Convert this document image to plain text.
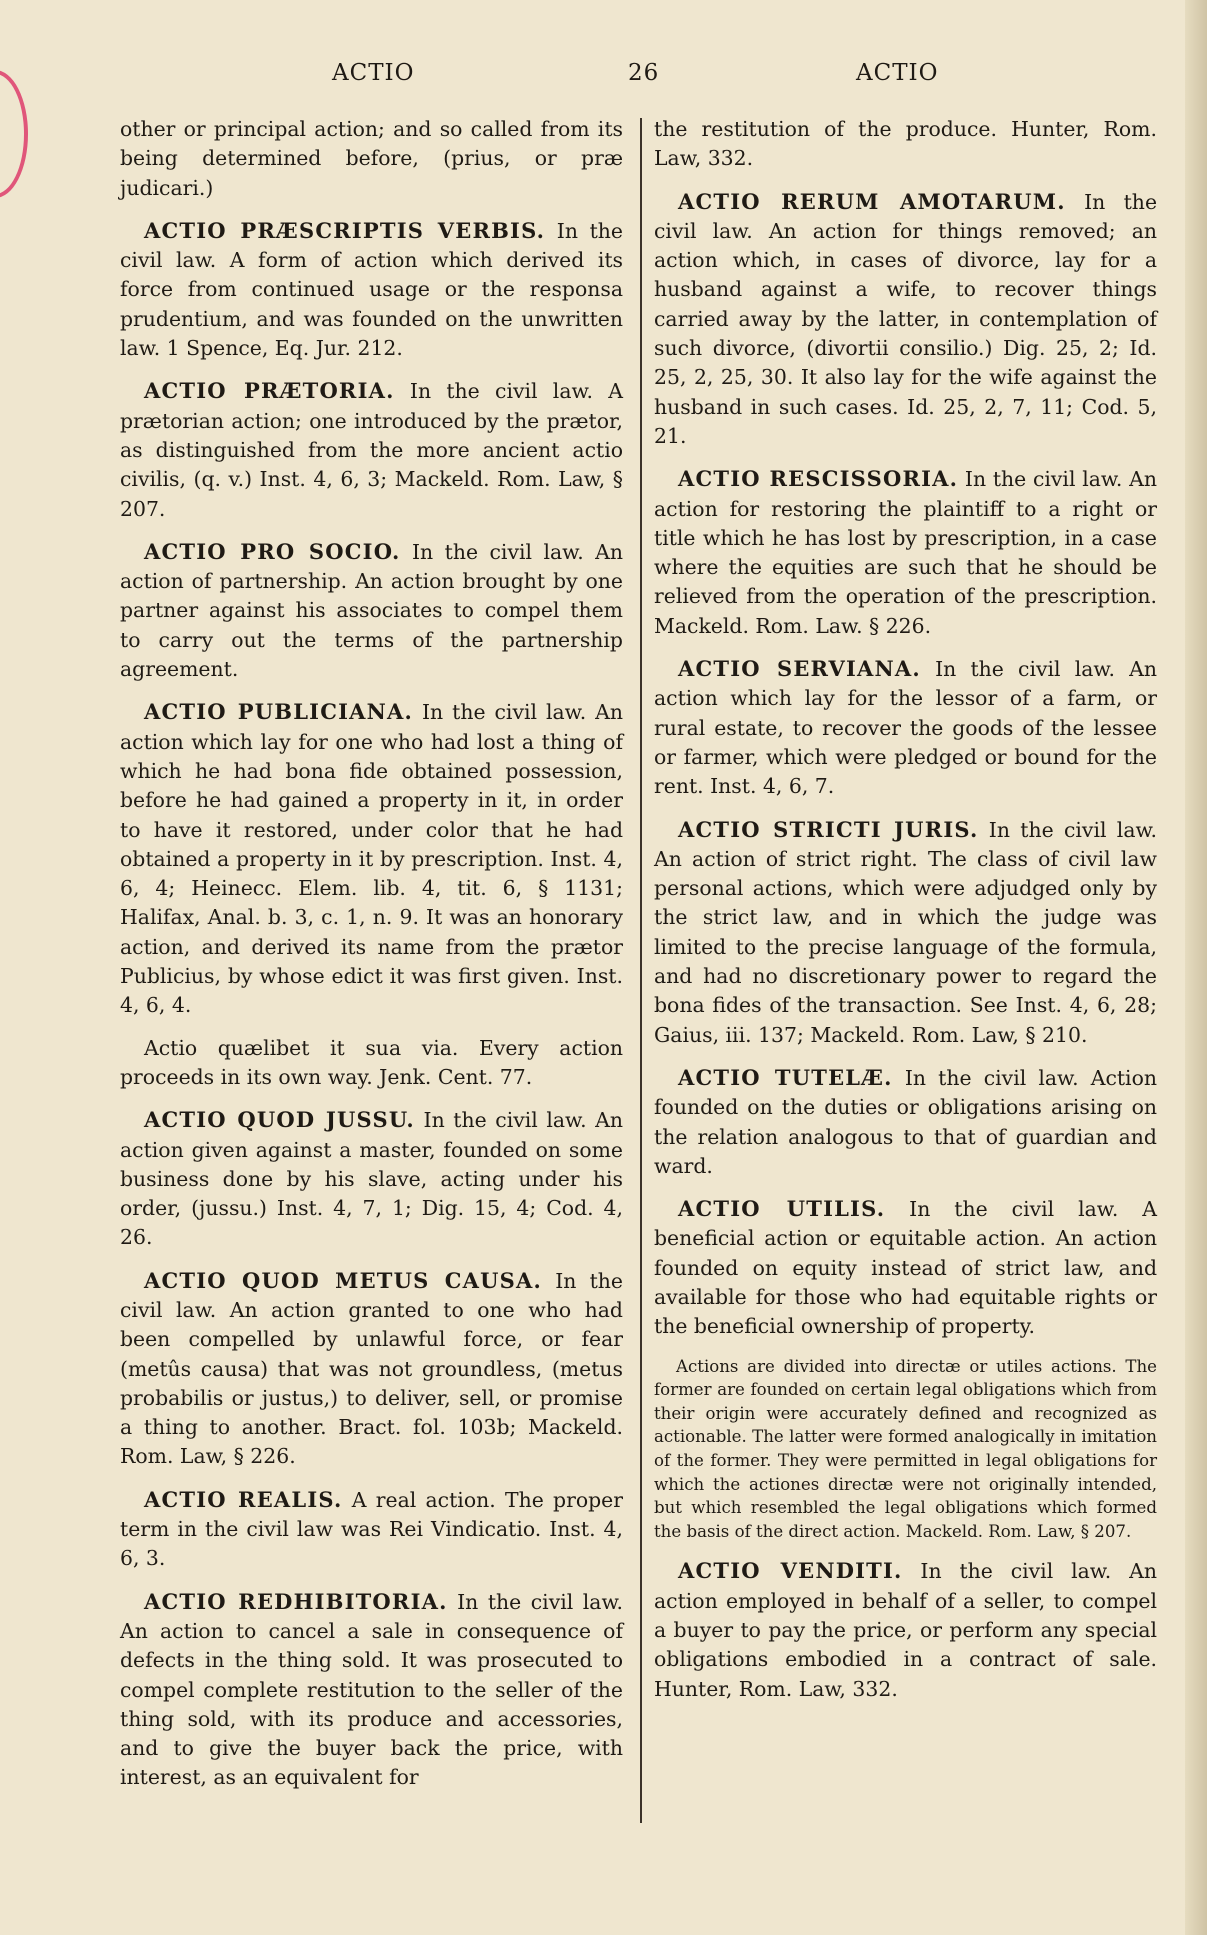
ACTIO	26	ACTIO

other or principal action; and so called from its being determined before, (prius, or præ judicari.)

ACTIO PRÆSCRIPTIS VERBIS. In the civil law. A form of action which derived its force from continued usage or the responsa prudentium, and was founded on the unwritten law. 1 Spence, Eq. Jur. 212.

ACTIO PRÆTORIA. In the civil law. A prætorian action; one introduced by the prætor, as distinguished from the more ancient actio civilis, (q. v.) Inst. 4, 6, 3; Mackeld. Rom. Law, § 207.

ACTIO PRO SOCIO. In the civil law. An action of partnership. An action brought by one partner against his associates to compel them to carry out the terms of the partnership agreement.

ACTIO PUBLICIANA. In the civil law. An action which lay for one who had lost a thing of which he had bona fide obtained possession, before he had gained a property in it, in order to have it restored, under color that he had obtained a property in it by prescription. Inst. 4, 6, 4; Heinecc. Elem. lib. 4, tit. 6, § 1131; Halifax, Anal. b. 3, c. 1, n. 9. It was an honorary action, and derived its name from the prætor Publicius, by whose edict it was first given. Inst. 4, 6, 4.

Actio quælibet it sua via. Every action proceeds in its own way. Jenk. Cent. 77.

ACTIO QUOD JUSSU. In the civil law. An action given against a master, founded on some business done by his slave, acting under his order, (jussu.) Inst. 4, 7, 1; Dig. 15, 4; Cod. 4, 26.

ACTIO QUOD METUS CAUSA. In the civil law. An action granted to one who had been compelled by unlawful force, or fear (metûs causa) that was not groundless, (metus probabilis or justus,) to deliver, sell, or promise a thing to another. Bract. fol. 103b; Mackeld. Rom. Law, § 226.

ACTIO REALIS. A real action. The proper term in the civil law was Rei Vindicatio. Inst. 4, 6, 3.

ACTIO REDHIBITORIA. In the civil law. An action to cancel a sale in consequence of defects in the thing sold. It was prosecuted to compel complete restitution to the seller of the thing sold, with its produce and accessories, and to give the buyer back the price, with interest, as an equivalent for

the restitution of the produce. Hunter, Rom. Law, 332.

ACTIO RERUM AMOTARUM. In the civil law. An action for things removed; an action which, in cases of divorce, lay for a husband against a wife, to recover things carried away by the latter, in contemplation of such divorce, (divortii consilio.) Dig. 25, 2; Id. 25, 2, 25, 30. It also lay for the wife against the husband in such cases. Id. 25, 2, 7, 11; Cod. 5, 21.

ACTIO RESCISSORIA. In the civil law. An action for restoring the plaintiff to a right or title which he has lost by prescription, in a case where the equities are such that he should be relieved from the operation of the prescription. Mackeld. Rom. Law. § 226.

ACTIO SERVIANA. In the civil law. An action which lay for the lessor of a farm, or rural estate, to recover the goods of the lessee or farmer, which were pledged or bound for the rent. Inst. 4, 6, 7.

ACTIO STRICTI JURIS. In the civil law. An action of strict right. The class of civil law personal actions, which were adjudged only by the strict law, and in which the judge was limited to the precise language of the formula, and had no discretionary power to regard the bona fides of the transaction. See Inst. 4, 6, 28; Gaius, iii. 137; Mackeld. Rom. Law, § 210.

ACTIO TUTELÆ. In the civil law. Action founded on the duties or obligations arising on the relation analogous to that of guardian and ward.

ACTIO UTILIS. In the civil law. A beneficial action or equitable action. An action founded on equity instead of strict law, and available for those who had equitable rights or the beneficial ownership of property.

Actions are divided into directæ or utiles actions. The former are founded on certain legal obligations which from their origin were accurately defined and recognized as actionable. The latter were formed analogically in imitation of the former. They were permitted in legal obligations for which the actiones directæ were not originally intended, but which resembled the legal obligations which formed the basis of the direct action. Mackeld. Rom. Law, § 207.

ACTIO VENDITI. In the civil law. An action employed in behalf of a seller, to compel a buyer to pay the price, or perform any special obligations embodied in a contract of sale. Hunter, Rom. Law, 332.
